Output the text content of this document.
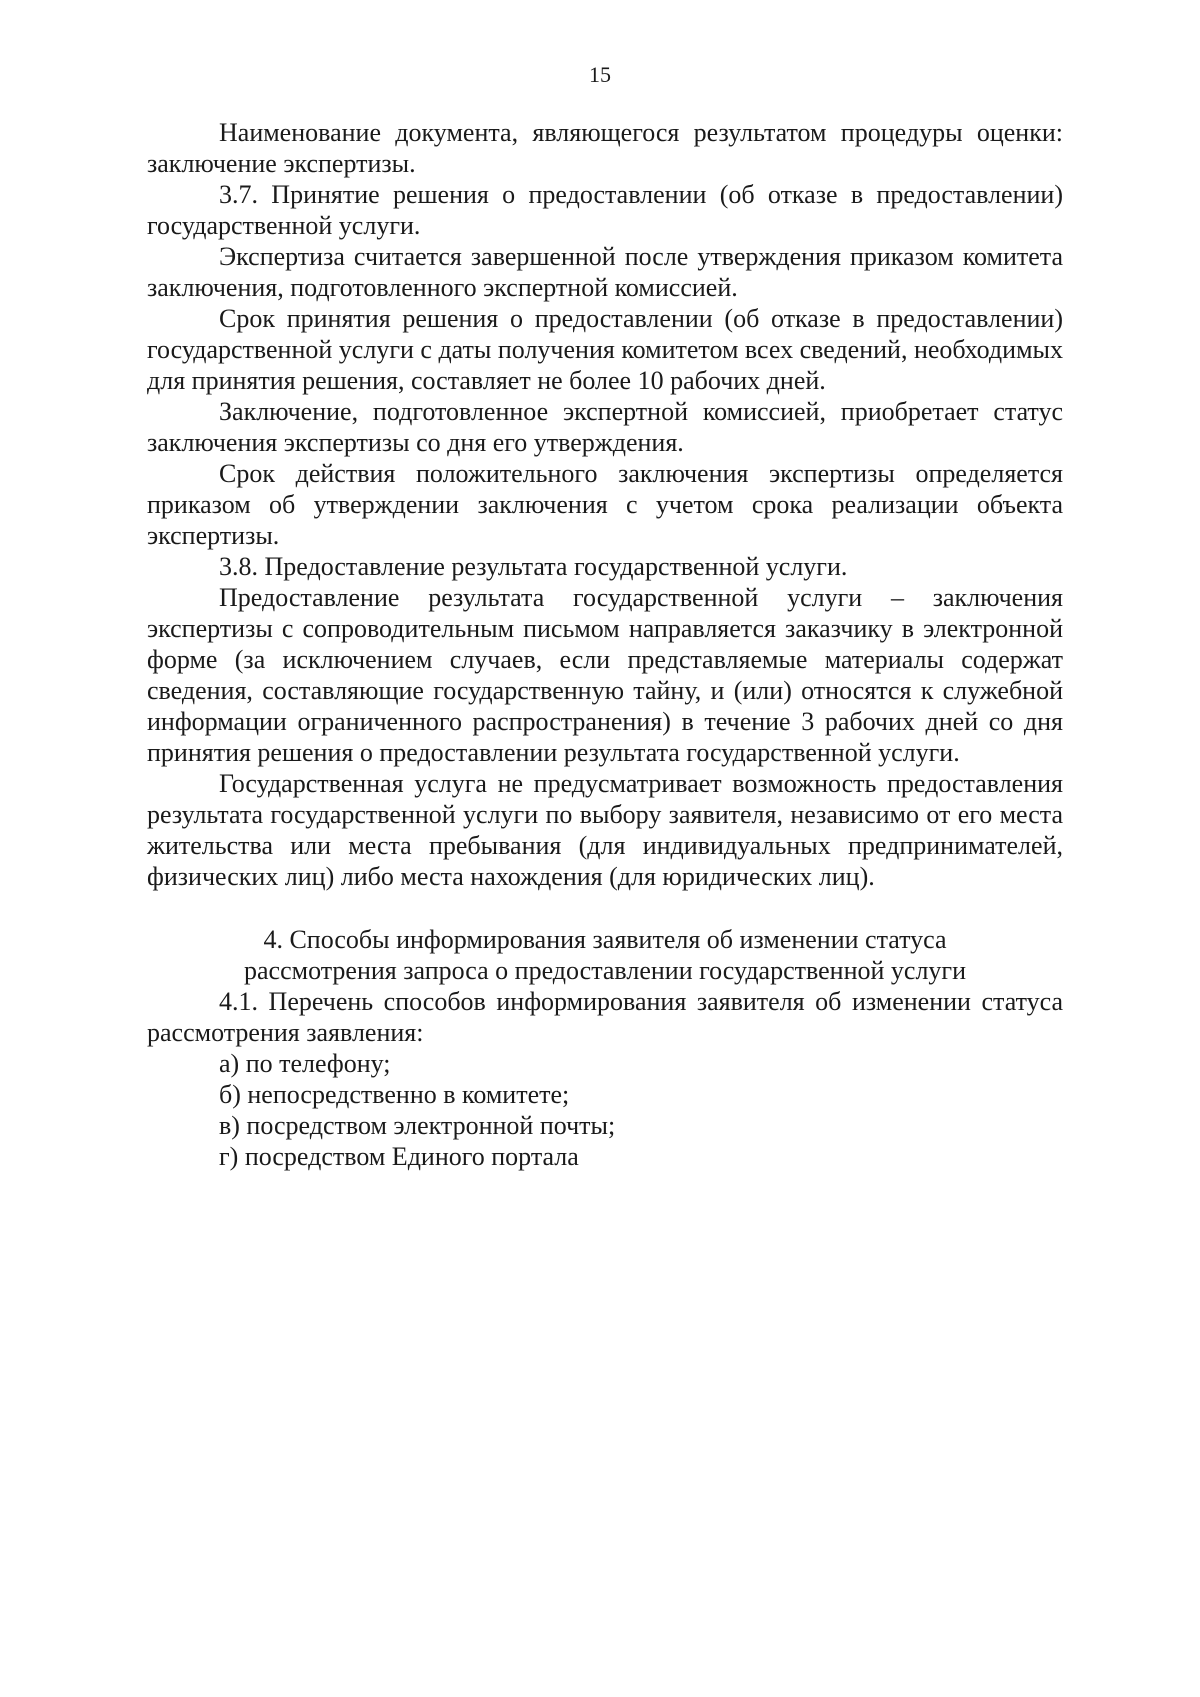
15

Наименование документа, являющегося результатом процедуры оценки: заключение экспертизы.

3.7. Принятие решения о предоставлении (об отказе в предоставлении) государственной услуги.

Экспертиза считается завершенной после утверждения приказом комитета заключения, подготовленного экспертной комиссией.

Срок принятия решения о предоставлении (об отказе в предоставлении) государственной услуги с даты получения комитетом всех сведений, необходимых для принятия решения, составляет не более 10 рабочих дней.

Заключение, подготовленное экспертной комиссией, приобретает статус заключения экспертизы со дня его утверждения.

Срок действия положительного заключения экспертизы определяется приказом об утверждении заключения с учетом срока реализации объекта экспертизы.

3.8. Предоставление результата государственной услуги.

Предоставление результата государственной услуги – заключения экспертизы с сопроводительным письмом направляется заказчику в электронной форме (за исключением случаев, если представляемые материалы содержат сведения, составляющие государственную тайну, и (или) относятся к служебной информации ограниченного распространения) в течение 3 рабочих дней со дня принятия решения о предоставлении результата государственной услуги.

Государственная услуга не предусматривает возможность предоставления результата государственной услуги по выбору заявителя, независимо от его места жительства или места пребывания (для индивидуальных предпринимателей, физических лиц) либо места нахождения (для юридических лиц).

4. Способы информирования заявителя об изменении статуса
рассмотрения запроса о предоставлении государственной услуги

4.1. Перечень способов информирования заявителя об изменении статуса рассмотрения заявления:

а) по телефону;

б) непосредственно в комитете;

в) посредством электронной почты;

г) посредством Единого портала
